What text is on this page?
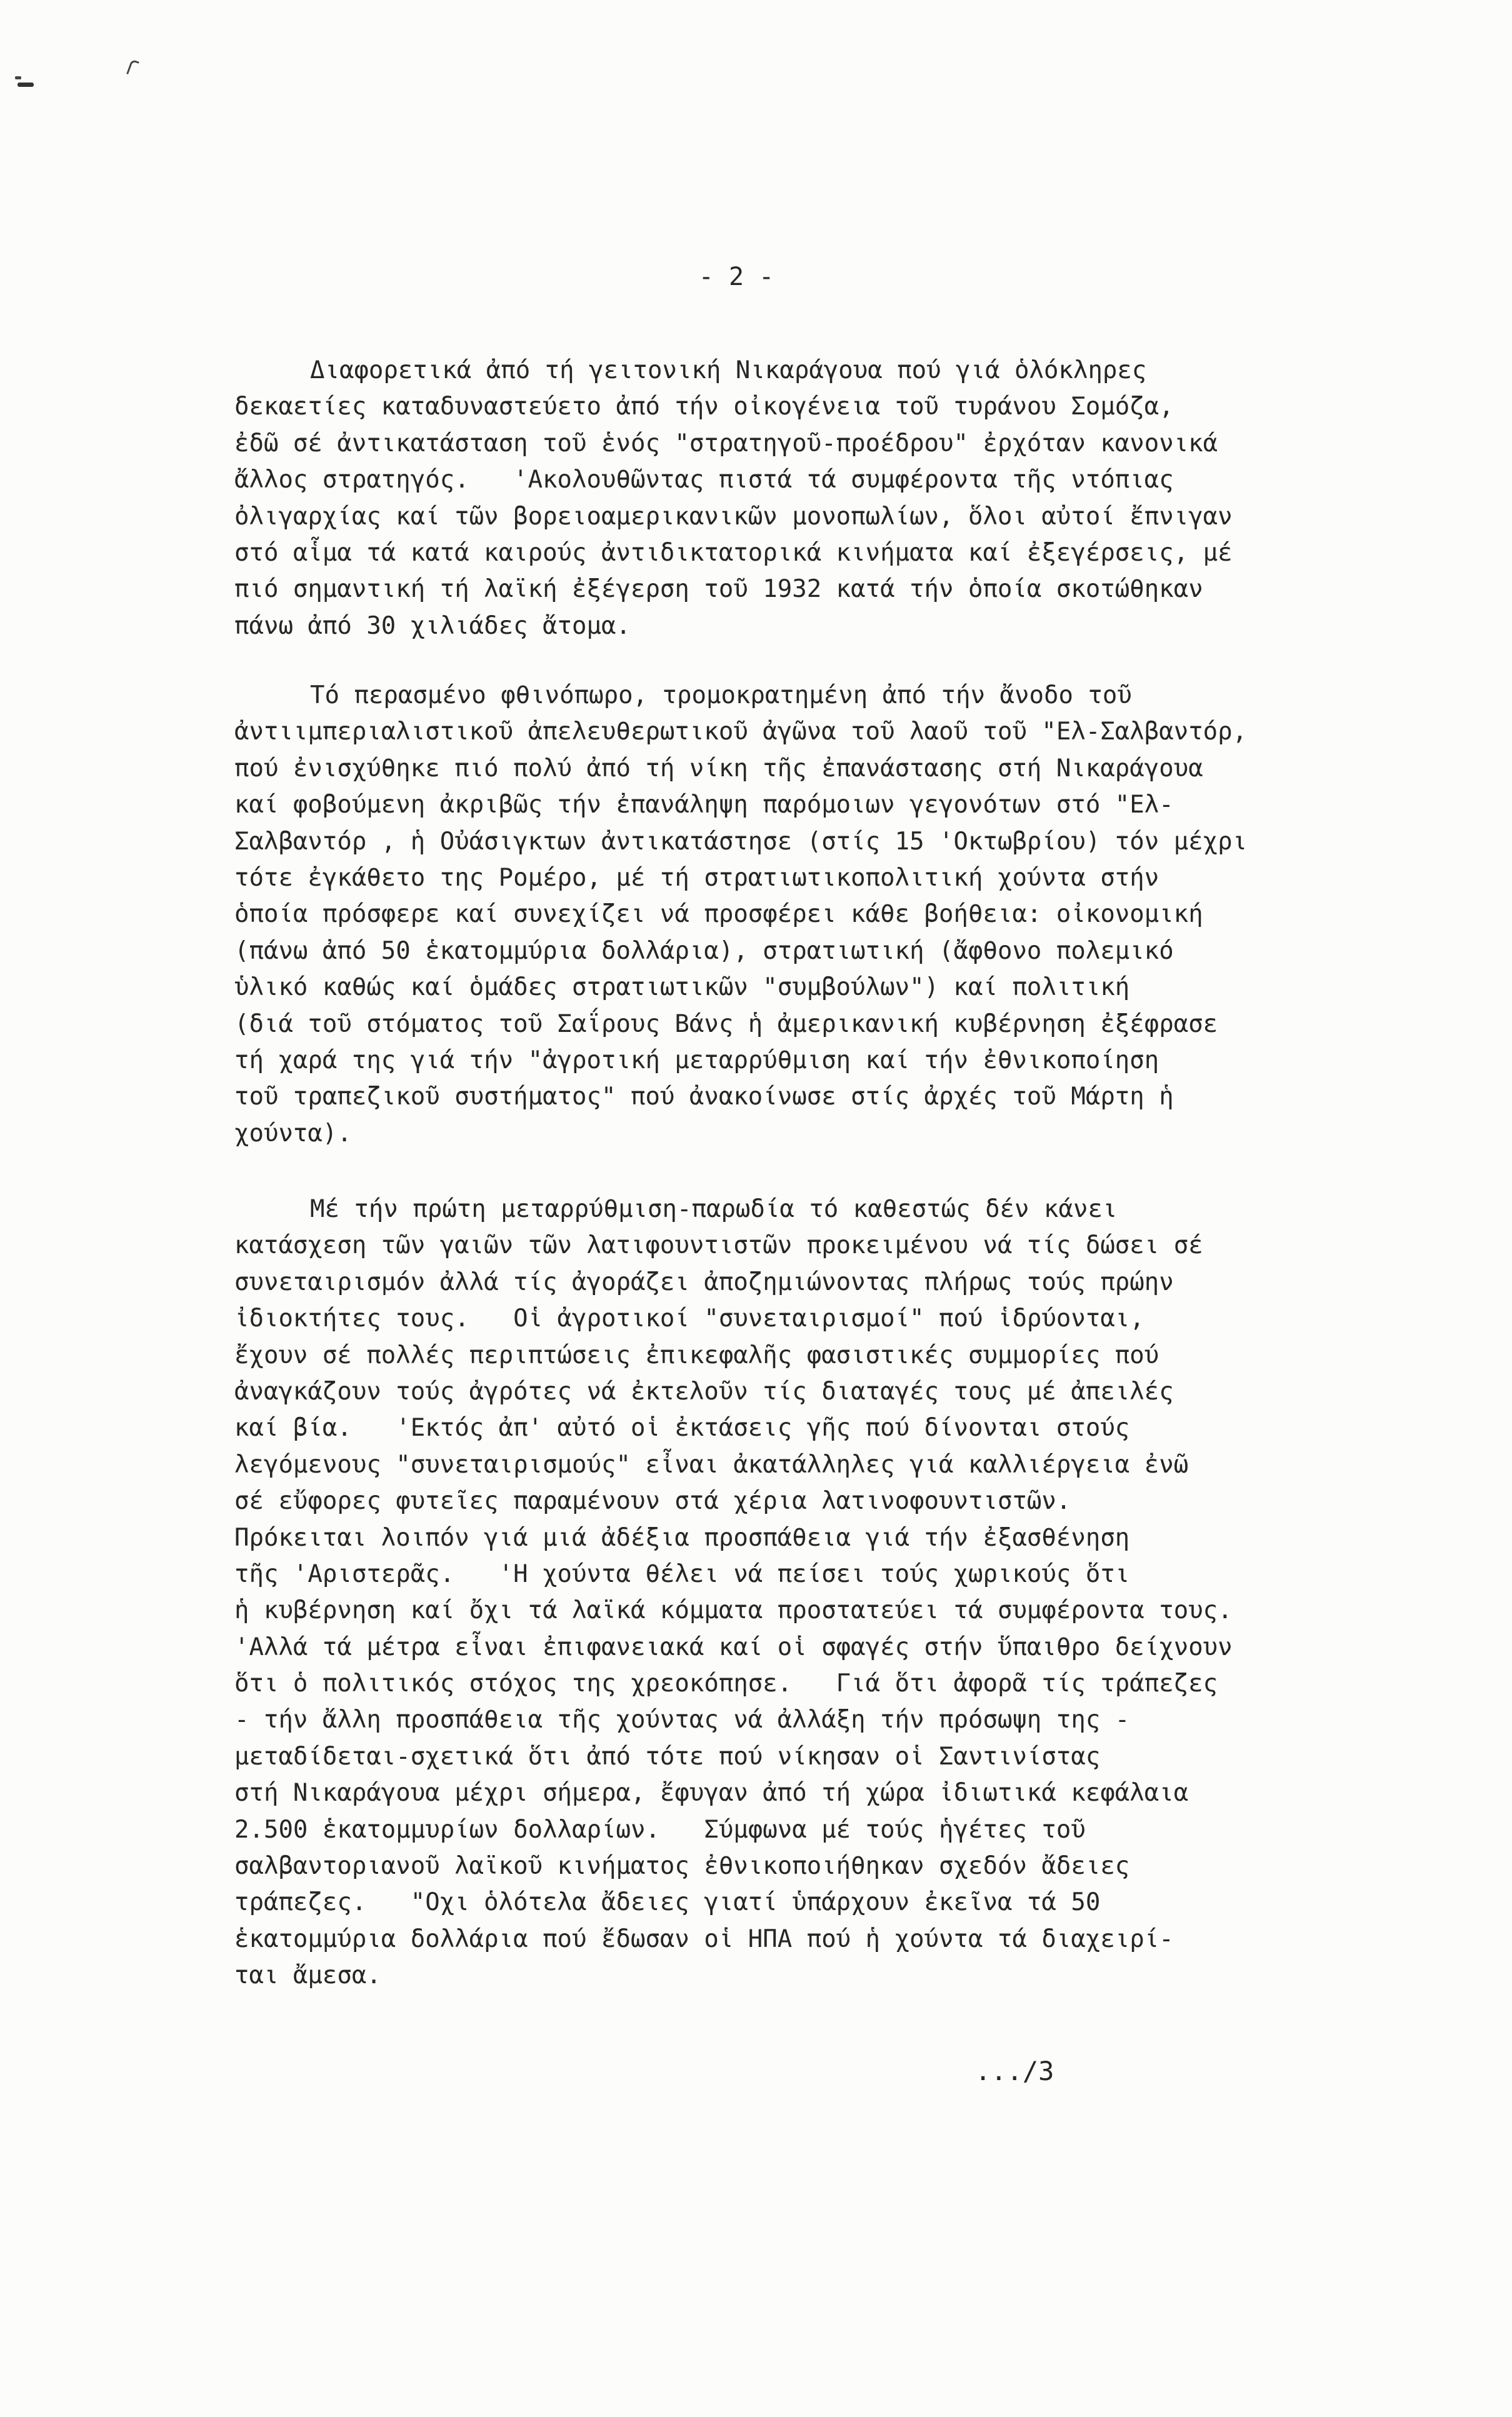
- 2 -
Διαφορετικά ἀπό τή γειτονική Νικαράγουα πού γιά ὁλόκληρες
δεκαετίες καταδυναστεύετο ἀπό τήν οἰκογένεια τοῦ τυράνου Σομόζα,
ἐδῶ σέ ἀντικατάσταση τοῦ ἑνός "στρατηγοῦ-προέδρου" ἐρχόταν κανονικά
ἄλλος στρατηγός.   'Ακολουθῶντας πιστά τά συμφέροντα τῆς ντόπιας
ὀλιγαρχίας καί τῶν βορειοαμερικανικῶν μονοπωλίων, ὅλοι αὐτοί ἔπνιγαν
στό αἷμα τά κατά καιρούς ἀντιδικτατορικά κινήματα καί ἐξεγέρσεις, μέ
πιό σημαντική τή λαϊκή ἐξέγερση τοῦ 1932 κατά τήν ὁποία σκοτώθηκαν
πάνω ἀπό 30 χιλιάδες ἄτομα.
Τό περασμένο φθινόπωρο, τρομοκρατημένη ἀπό τήν ἄνοδο τοῦ
ἀντιιμπεριαλιστικοῦ ἀπελευθερωτικοῦ ἀγῶνα τοῦ λαοῦ τοῦ "Ελ-Σαλβαντόρ,
πού ἐνισχύθηκε πιό πολύ ἀπό τή νίκη τῆς ἐπανάστασης στή Νικαράγουα
καί φοβούμενη ἀκριβῶς τήν ἐπανάληψη παρόμοιων γεγονότων στό "Ελ-
Σαλβαντόρ , ἡ Οὐάσιγκτων ἀντικατάστησε (στίς 15 'Οκτωβρίου) τόν μέχρι
τότε ἐγκάθετο της Ρομέρο, μέ τή στρατιωτικοπολιτική χούντα στήν
ὁποία πρόσφερε καί συνεχίζει νά προσφέρει κάθε βοήθεια: οἰκονομική
(πάνω ἀπό 50 ἑκατομμύρια δολλάρια), στρατιωτική (ἄφθονο πολεμικό
ὑλικό καθώς καί ὁμάδες στρατιωτικῶν "συμβούλων") καί πολιτική
(διά τοῦ στόματος τοῦ Σαΐρους Βάνς ἡ ἀμερικανική κυβέρνηση ἐξέφρασε
τή χαρά της γιά τήν "ἀγροτική μεταρρύθμιση καί τήν ἐθνικοποίηση
τοῦ τραπεζικοῦ συστήματος" πού ἀνακοίνωσε στίς ἀρχές τοῦ Μάρτη ἡ
χούντα).
Μέ τήν πρώτη μεταρρύθμιση-παρωδία τό καθεστώς δέν κάνει
κατάσχεση τῶν γαιῶν τῶν λατιφουντιστῶν προκειμένου νά τίς δώσει σέ
συνεταιρισμόν ἀλλά τίς ἀγοράζει ἀποζημιώνοντας πλήρως τούς πρώην
ἰδιοκτήτες τους.   Οἱ ἀγροτικοί "συνεταιρισμοί" πού ἱδρύονται,
ἔχουν σέ πολλές περιπτώσεις ἐπικεφαλῆς φασιστικές συμμορίες πού
ἀναγκάζουν τούς ἀγρότες νά ἐκτελοῦν τίς διαταγές τους μέ ἀπειλές
καί βία.   'Εκτός ἀπ' αὐτό οἱ ἐκτάσεις γῆς πού δίνονται στούς
λεγόμενους "συνεταιρισμούς" εἶναι ἀκατάλληλες γιά καλλιέργεια ἐνῶ
σέ εὔφορες φυτεῖες παραμένουν στά χέρια λατινοφουντιστῶν.
Πρόκειται λοιπόν γιά μιά ἀδέξια προσπάθεια γιά τήν ἐξασθένηση
τῆς 'Αριστερᾶς.   'Η χούντα θέλει νά πείσει τούς χωρικούς ὅτι
ἡ κυβέρνηση καί ὄχι τά λαϊκά κόμματα προστατεύει τά συμφέροντα τους.
'Αλλά τά μέτρα εἶναι ἐπιφανειακά καί οἱ σφαγές στήν ὕπαιθρο δείχνουν
ὅτι ὁ πολιτικός στόχος της χρεοκόπησε.   Γιά ὅτι ἀφορᾶ τίς τράπεζες
- τήν ἄλλη προσπάθεια τῆς χούντας νά ἀλλάξη τήν πρόσωψη της -
μεταδίδεται-σχετικά ὅτι ἀπό τότε πού νίκησαν οἱ Σαντινίστας
στή Νικαράγουα μέχρι σήμερα, ἔφυγαν ἀπό τή χώρα ἰδιωτικά κεφάλαια
2.500 ἑκατομμυρίων δολλαρίων.   Σύμφωνα μέ τούς ἡγέτες τοῦ
σαλβαντοριανοῦ λαϊκοῦ κινήματος ἐθνικοποιήθηκαν σχεδόν ἄδειες
τράπεζες.   "Οχι ὁλότελα ἄδειες γιατί ὑπάρχουν ἐκεῖνα τά 50
ἑκατομμύρια δολλάρια πού ἔδωσαν οἱ ΗΠΑ πού ἡ χούντα τά διαχειρί-
ται ἄμεσα.
.../3
